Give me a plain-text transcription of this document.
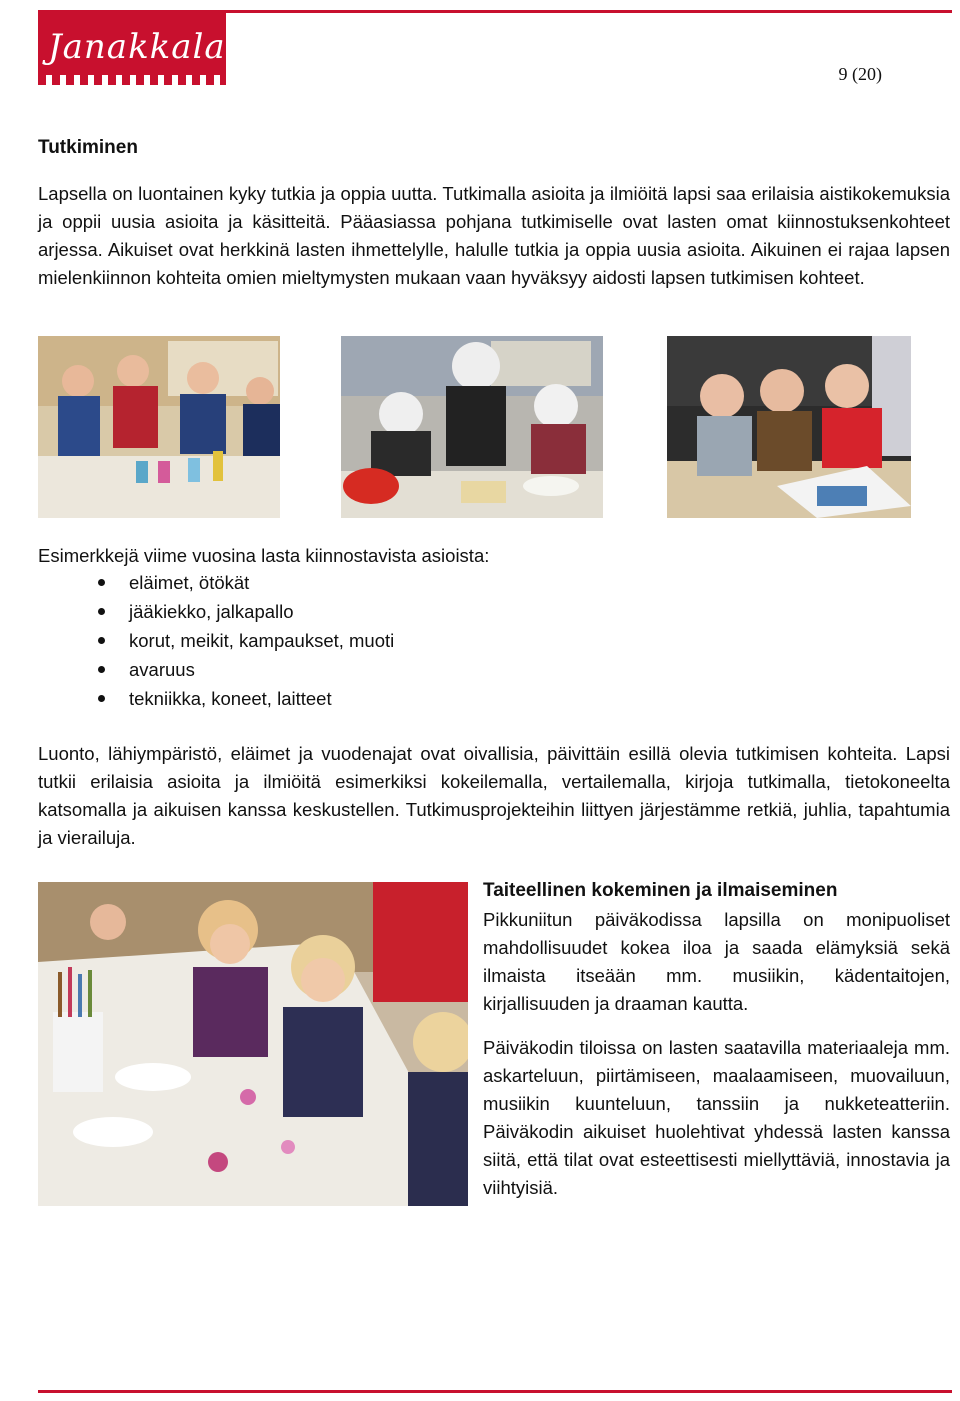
Janakkala
9 (20)
Tutkiminen

Lapsella on luontainen kyky tutkia ja oppia uutta. Tutkimalla asioita ja ilmiöitä lapsi saa erilaisia aistikokemuksia ja oppii uusia asioita ja käsitteitä. Pääasiassa pohjana tutkimiselle ovat lasten omat kiinnostuksenkohteet arjessa. Aikuiset ovat herkkinä lasten ihmettelylle, halulle tutkia ja oppia uusia asioita. Aikuinen ei rajaa lapsen mielenkiinnon kohteita omien mieltymysten mukaan vaan hyväksyy aidosti lapsen tutkimisen kohteet.

Esimerkkejä viime vuosina lasta kiinnostavista asioista:

eläimet, ötökät
jääkiekko, jalkapallo
korut, meikit, kampaukset, muoti
avaruus
tekniikka, koneet, laitteet

Luonto, lähiympäristö, eläimet ja vuodenajat ovat oivallisia, päivittäin esillä olevia tutkimisen kohteita. Lapsi tutkii erilaisia asioita ja ilmiöitä esimerkiksi kokeilemalla, vertailemalla, kirjoja tutkimalla, tietokoneelta katsomalla ja aikuisen kanssa keskustellen. Tutkimusprojekteihin liittyen järjestämme retkiä, juhlia, tapahtumia ja vierailuja.

Taiteellinen kokeminen ja ilmaiseminen

Pikkuniitun päiväkodissa lapsilla on monipuoliset mahdollisuudet kokea iloa ja saada elämyksiä sekä ilmaista itseään mm. musiikin, kädentaitojen, kirjallisuuden ja draaman kautta.

Päiväkodin tiloissa on lasten saatavilla materiaaleja mm. askarteluun, piirtämiseen, maalaamiseen, muovailuun, musiikin kuunteluun, tanssiin ja nukketeatteriin. Päiväkodin aikuiset huolehtivat yhdessä lasten kanssa siitä, että tilat ovat esteettisesti miellyttäviä, innostavia ja viihtyisiä.
